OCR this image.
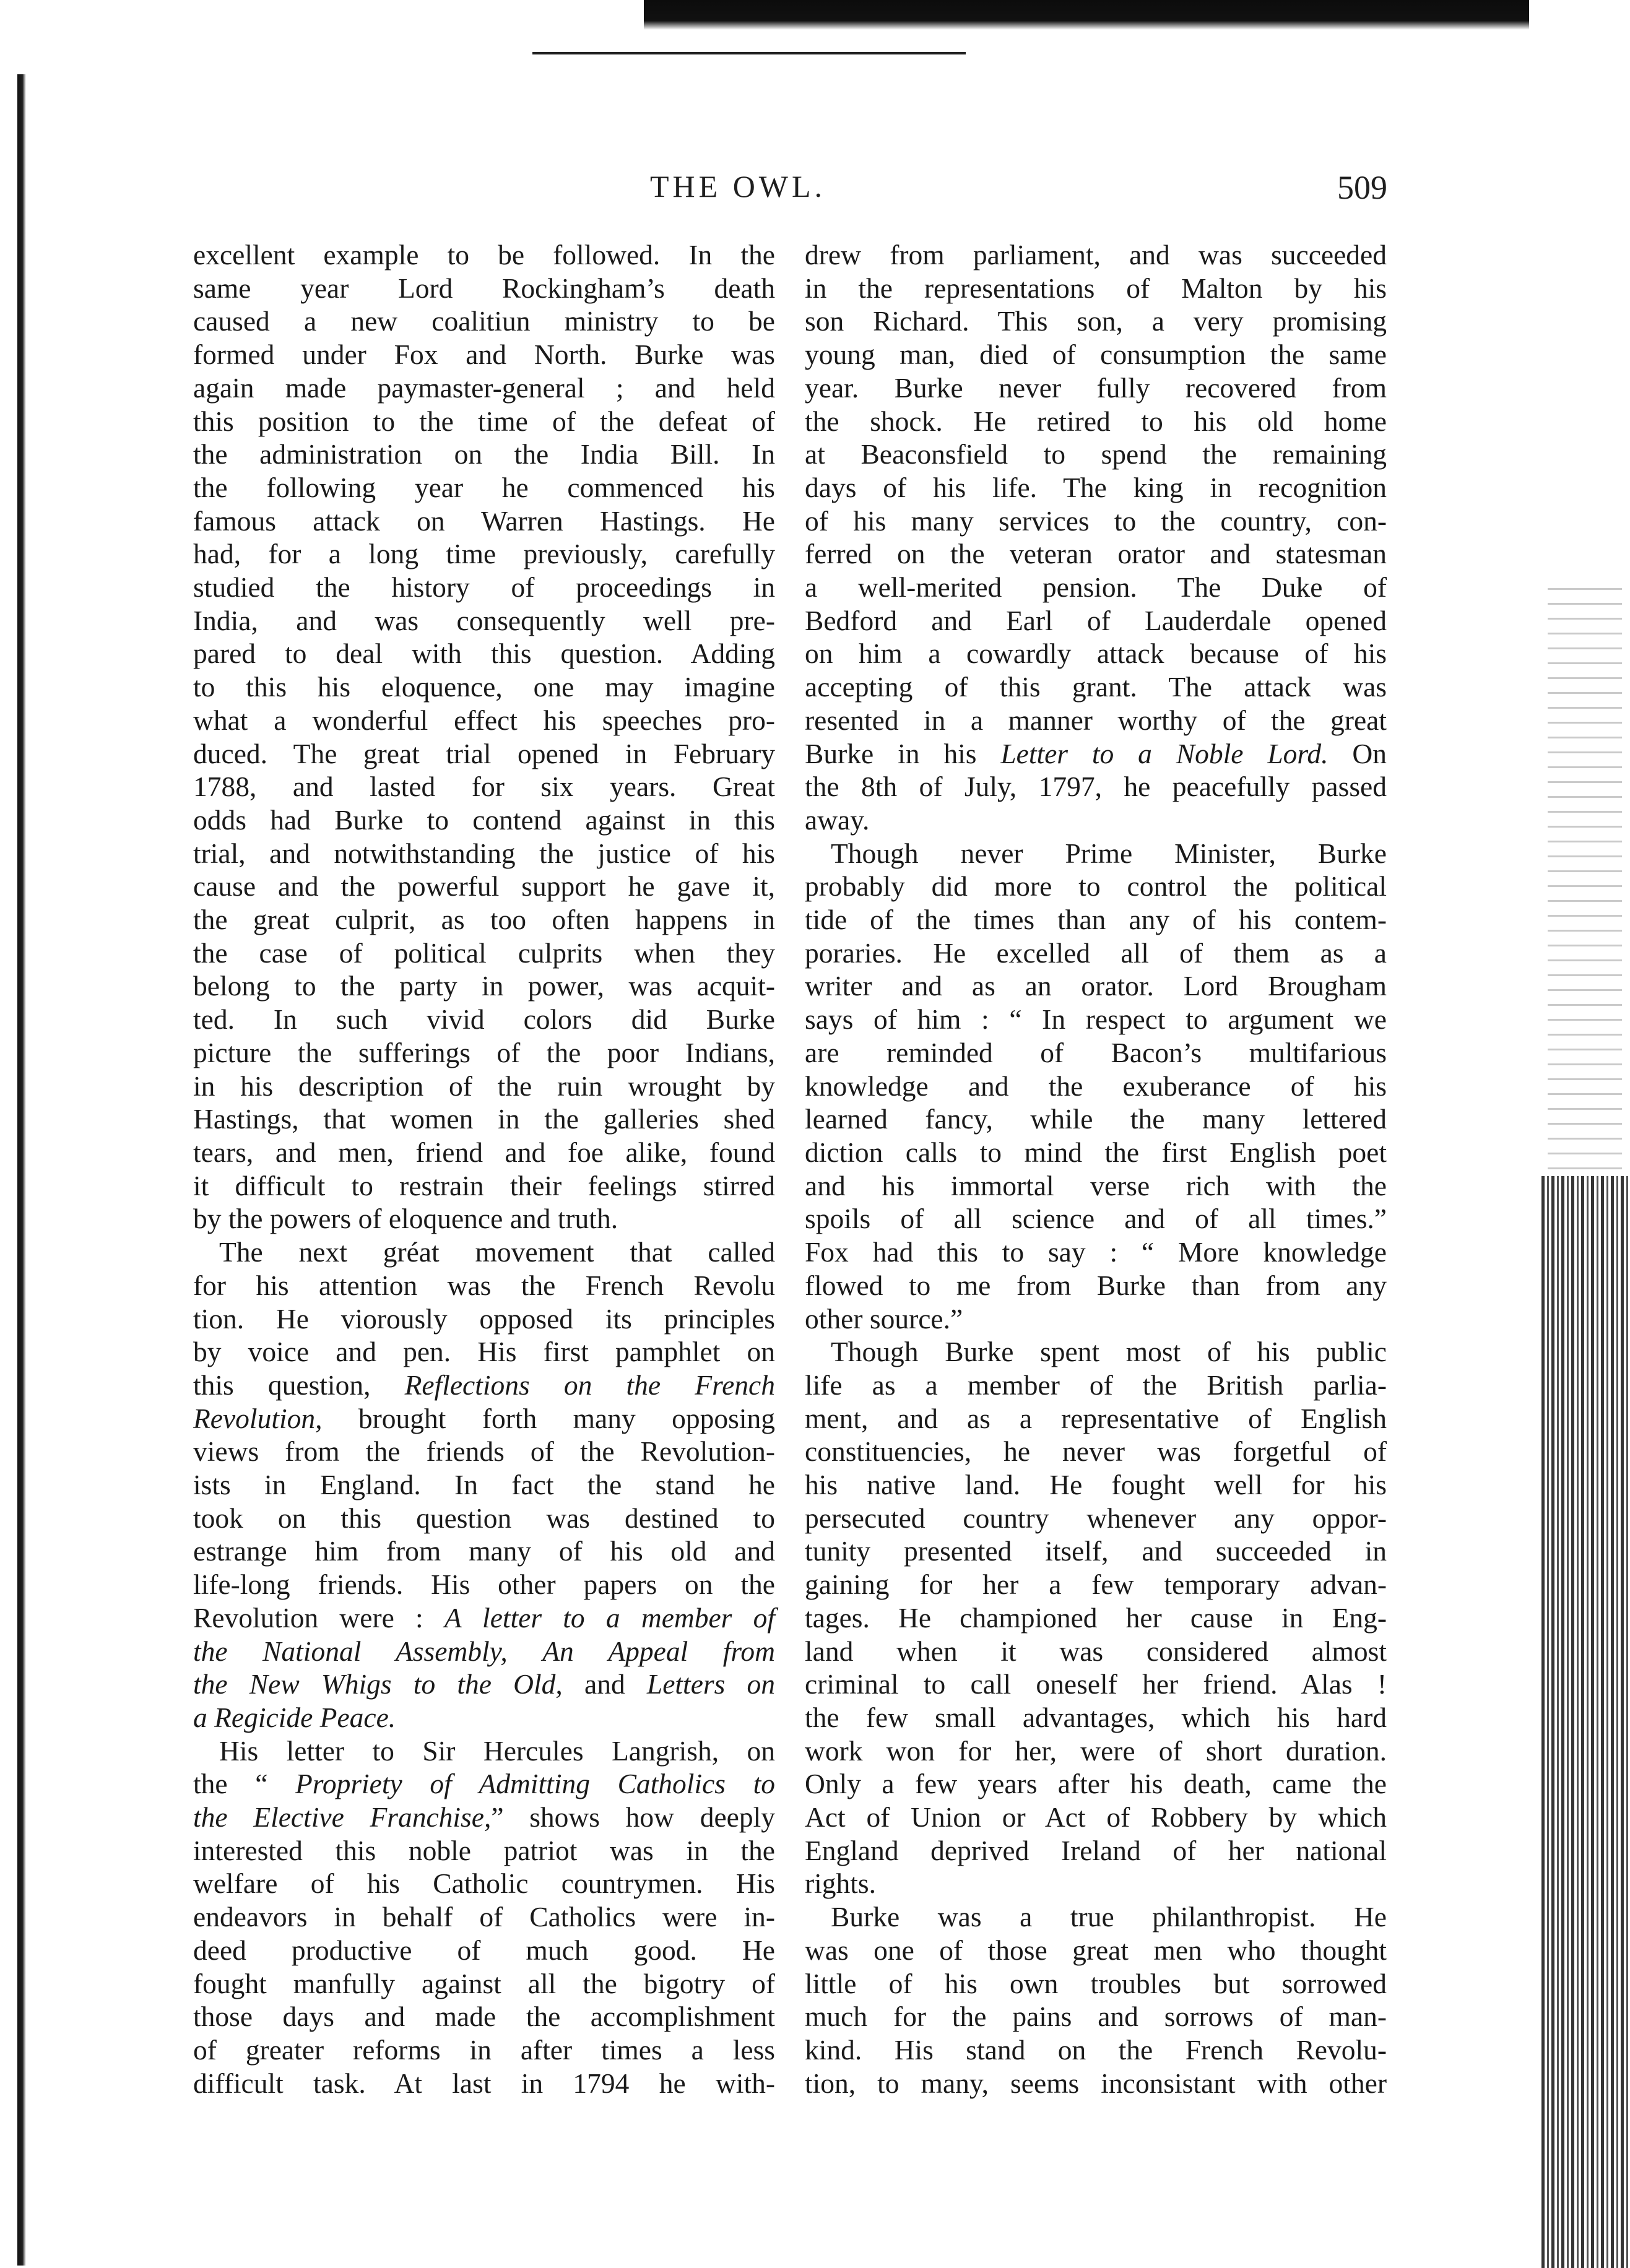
THE OWL.	509
excellent example to be followed. In the
same year Lord Rockingham’s death
caused a new coalitiun ministry to be
formed under Fox and North. Burke was
again made paymaster-general ; and held
this position to the time of the defeat of
the administration on the India Bill. In
the following year he commenced his
famous attack on Warren Hastings. He
had, for a long time previously, carefully
studied the history of proceedings in
India, and was consequently well pre-
pared to deal with this question. Adding
to this his eloquence, one may imagine
what a wonderful effect his speeches pro-
duced. The great trial opened in February
1788, and lasted for six years. Great
odds had Burke to contend against in this
trial, and notwithstanding the justice of his
cause and the powerful support he gave it,
the great culprit, as too often happens in
the case of political culprits when they
belong to the party in power, was acquit-
ted. In such vivid colors did Burke
picture the sufferings of the poor Indians,
in his description of the ruin wrought by
Hastings, that women in the galleries shed
tears, and men, friend and foe alike, found
it difficult to restrain their feelings stirred
by the powers of eloquence and truth.
The next gréat movement that called
for his attention was the French Revolu
tion. He viorously opposed its principles
by voice and pen. His first pamphlet on
this question, Reflections on the French
Revolution, brought forth many opposing
views from the friends of the Revolution-
ists in England. In fact the stand he
took on this question was destined to
estrange him from many of his old and
life-long friends. His other papers on the
Revolution were : A letter to a member of
the National Assembly, An Appeal from
the New Whigs to the Old, and Letters on
a Regicide Peace.
His letter to Sir Hercules Langrish, on
the “ Propriety of Admitting Catholics to
the Elective Franchise,” shows how deeply
interested this noble patriot was in the
welfare of his Catholic countrymen. His
endeavors in behalf of Catholics were in-
deed productive of much good. He
fought manfully against all the bigotry of
those days and made the accomplishment
of greater reforms in after times a less
difficult task. At last in 1794 he with-
drew from parliament, and was succeeded
in the representations of Malton by his
son Richard. This son, a very promising
young man, died of consumption the same
year. Burke never fully recovered from
the shock. He retired to his old home
at Beaconsfield to spend the remaining
days of his life. The king in recognition
of his many services to the country, con-
ferred on the veteran orator and statesman
a well-merited pension. The Duke of
Bedford and Earl of Lauderdale opened
on him a cowardly attack because of his
accepting of this grant. The attack was
resented in a manner worthy of the great
Burke in his Letter to a Noble Lord. On
the 8th of July, 1797, he peacefully passed
away.
Though never Prime Minister, Burke
probably did more to control the political
tide of the times than any of his contem-
poraries. He excelled all of them as a
writer and as an orator. Lord Brougham
says of him : “ In respect to argument we
are reminded of Bacon’s multifarious
knowledge and the exuberance of his
learned fancy, while the many lettered
diction calls to mind the first English poet
and his immortal verse rich with the
spoils of all science and of all times.”
Fox had this to say : “ More knowledge
flowed to me from Burke than from any
other source.”
Though Burke spent most of his public
life as a member of the British parlia-
ment, and as a representative of English
constituencies, he never was forgetful of
his native land. He fought well for his
persecuted country whenever any oppor-
tunity presented itself, and succeeded in
gaining for her a few temporary advan-
tages. He championed her cause in Eng-
land when it was considered almost
criminal to call oneself her friend. Alas !
the few small advantages, which his hard
work won for her, were of short duration.
Only a few years after his death, came the
Act of Union or Act of Robbery by which
England deprived Ireland of her national
rights.
Burke was a true philanthropist. He
was one of those great men who thought
little of his own troubles but sorrowed
much for the pains and sorrows of man-
kind. His stand on the French Revolu-
tion, to many, seems inconsistant with other
